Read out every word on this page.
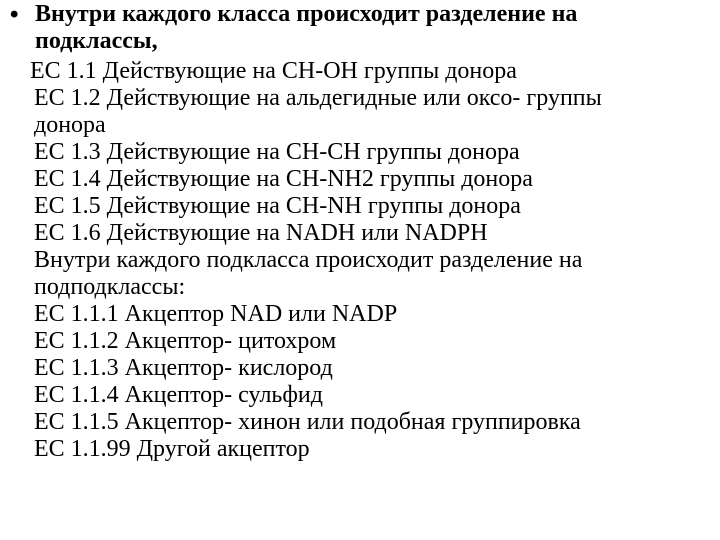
• Внутри каждого класса происходит разделение на
подклассы,
EC 1.1 Действующие на CH-OH группы донора
EC 1.2 Действующие на альдегидные или оксо- группы
донора
EC 1.3 Действующие на CH-CH группы донора
EC 1.4 Действующие на CH-NH2 группы донора
EC 1.5 Действующие на CH-NH группы донора
EC 1.6 Действующие на NADH или NADPH
Внутри каждого подкласса происходит разделение на
подподклассы:
EC 1.1.1 Акцептор NAD или NADP
EC 1.1.2 Акцептор- цитохром
EC 1.1.3 Акцептор- кислород
EC 1.1.4 Акцептор- сульфид
EC 1.1.5 Акцептор- хинон или подобная группировка
EC 1.1.99 Другой акцептор
